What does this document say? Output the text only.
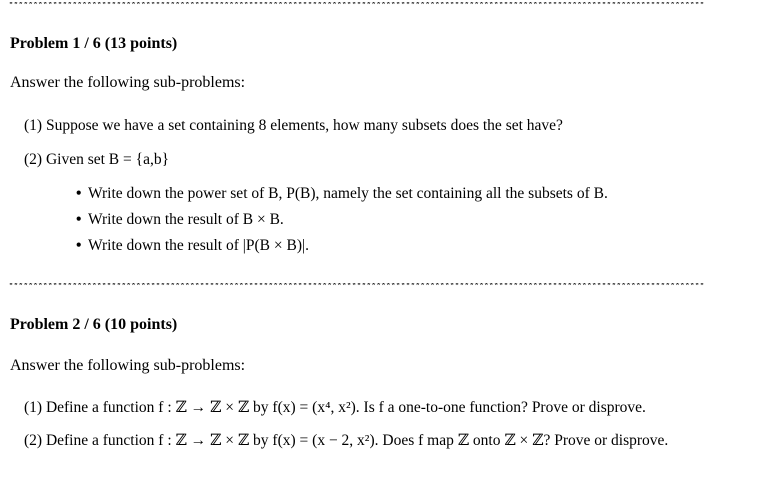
**********************************************************************************************************************************************
Problem 1 / 6 (13 points)
Answer the following sub-problems:
(1) Suppose we have a set containing 8 elements, how many subsets does the set have?
(2) Given set B = {a,b}
• Write down the power set of B, P(B), namely the set containing all the subsets of B.
• Write down the result of B × B.
• Write down the result of |P(B × B)|.
**********************************************************************************************************************************************
Problem 2 / 6 (10 points)
Answer the following sub-problems:
(1) Define a function f : ℤ → ℤ × ℤ by f(x) = (x⁴, x²). Is f a one-to-one function? Prove or disprove.
(2) Define a function f : ℤ → ℤ × ℤ by f(x) = (x − 2, x²). Does f map ℤ onto ℤ × ℤ? Prove or disprove.
